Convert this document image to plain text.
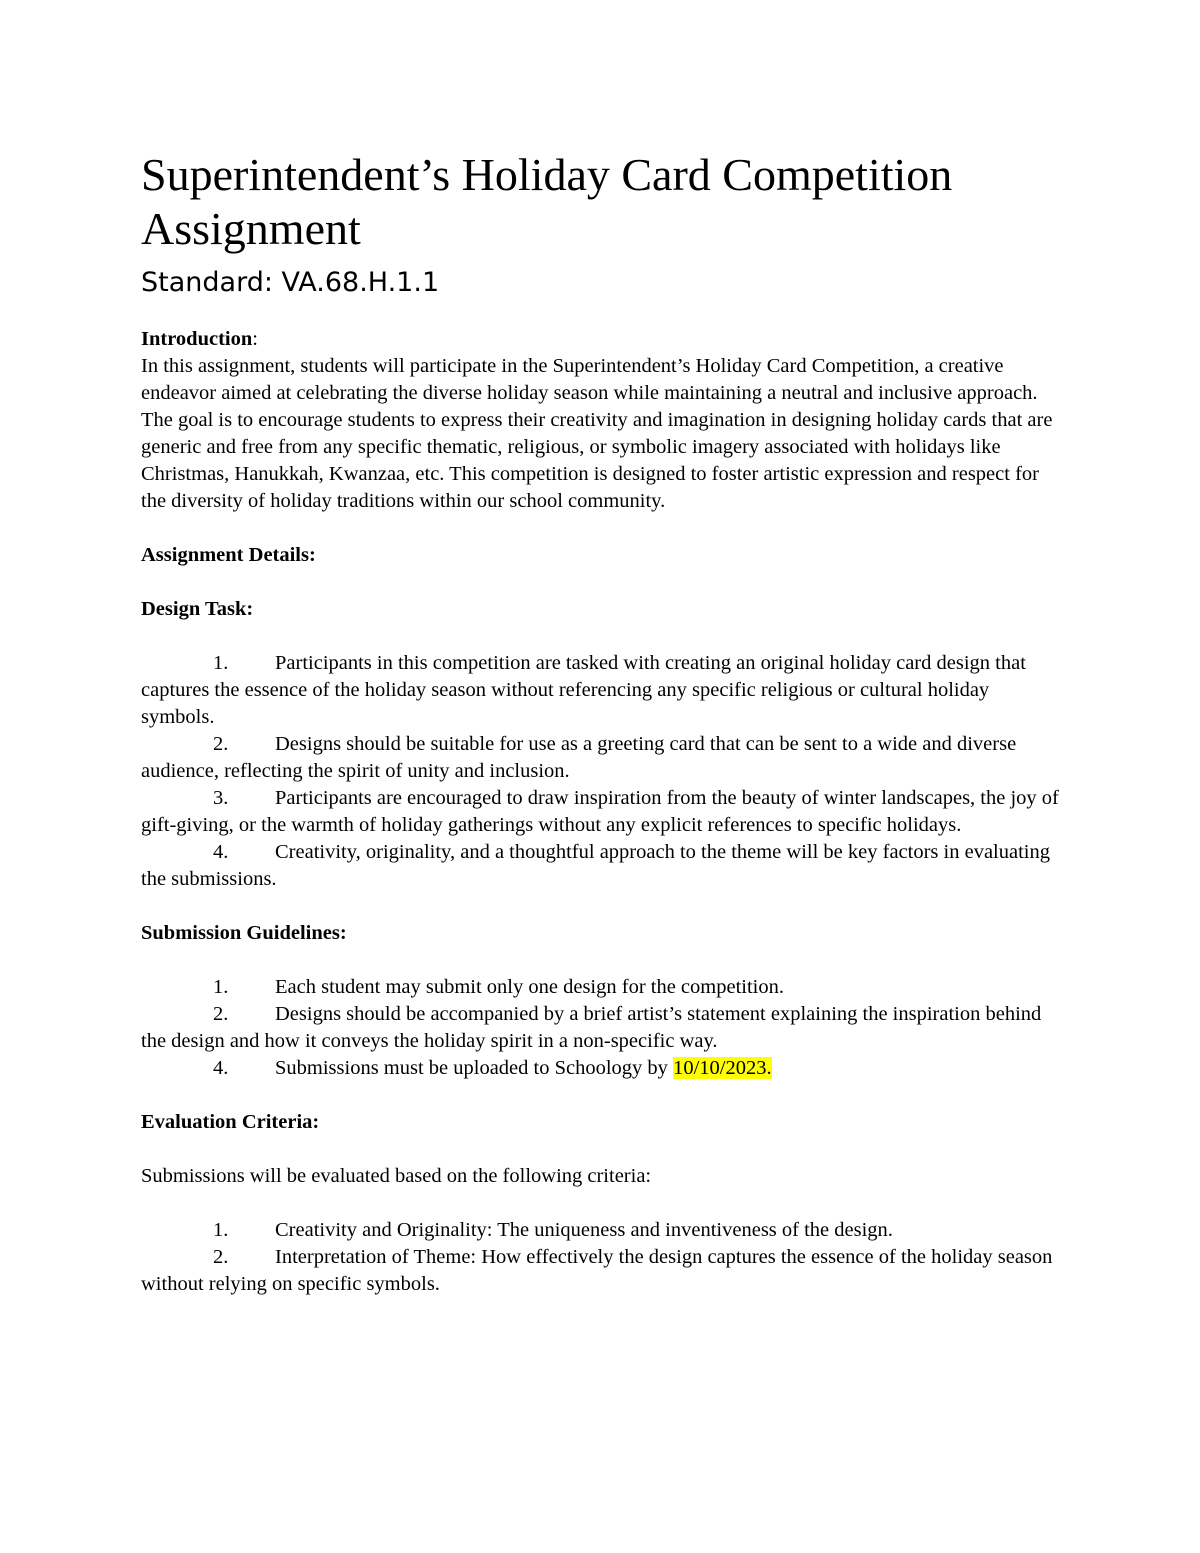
Superintendent’s Holiday Card Competition Assignment
Standard: VA.68.H.1.1
Introduction:

In this assignment, students will participate in the Superintendent’s Holiday Card Competition, a creative endeavor aimed at celebrating the diverse holiday season while maintaining a neutral and inclusive approach. The goal is to encourage students to express their creativity and imagination in designing holiday cards that are generic and free from any specific thematic, religious, or symbolic imagery associated with holidays like Christmas, Hanukkah, Kwanzaa, etc. This competition is designed to foster artistic expression and respect for the diversity of holiday traditions within our school community.

Assignment Details:

Design Task:

1. Participants in this competition are tasked with creating an original holiday card design that captures the essence of the holiday season without referencing any specific religious or cultural holiday symbols.

2. Designs should be suitable for use as a greeting card that can be sent to a wide and diverse audience, reflecting the spirit of unity and inclusion.

3. Participants are encouraged to draw inspiration from the beauty of winter landscapes, the joy of gift-giving, or the warmth of holiday gatherings without any explicit references to specific holidays.

4. Creativity, originality, and a thoughtful approach to the theme will be key factors in evaluating the submissions.

Submission Guidelines:

1. Each student may submit only one design for the competition.

2. Designs should be accompanied by a brief artist’s statement explaining the inspiration behind the design and how it conveys the holiday spirit in a non-specific way.

4. Submissions must be uploaded to Schoology by 10/10/2023.

Evaluation Criteria:

Submissions will be evaluated based on the following criteria:

1. Creativity and Originality: The uniqueness and inventiveness of the design.

2. Interpretation of Theme: How effectively the design captures the essence of the holiday season without relying on specific symbols.
